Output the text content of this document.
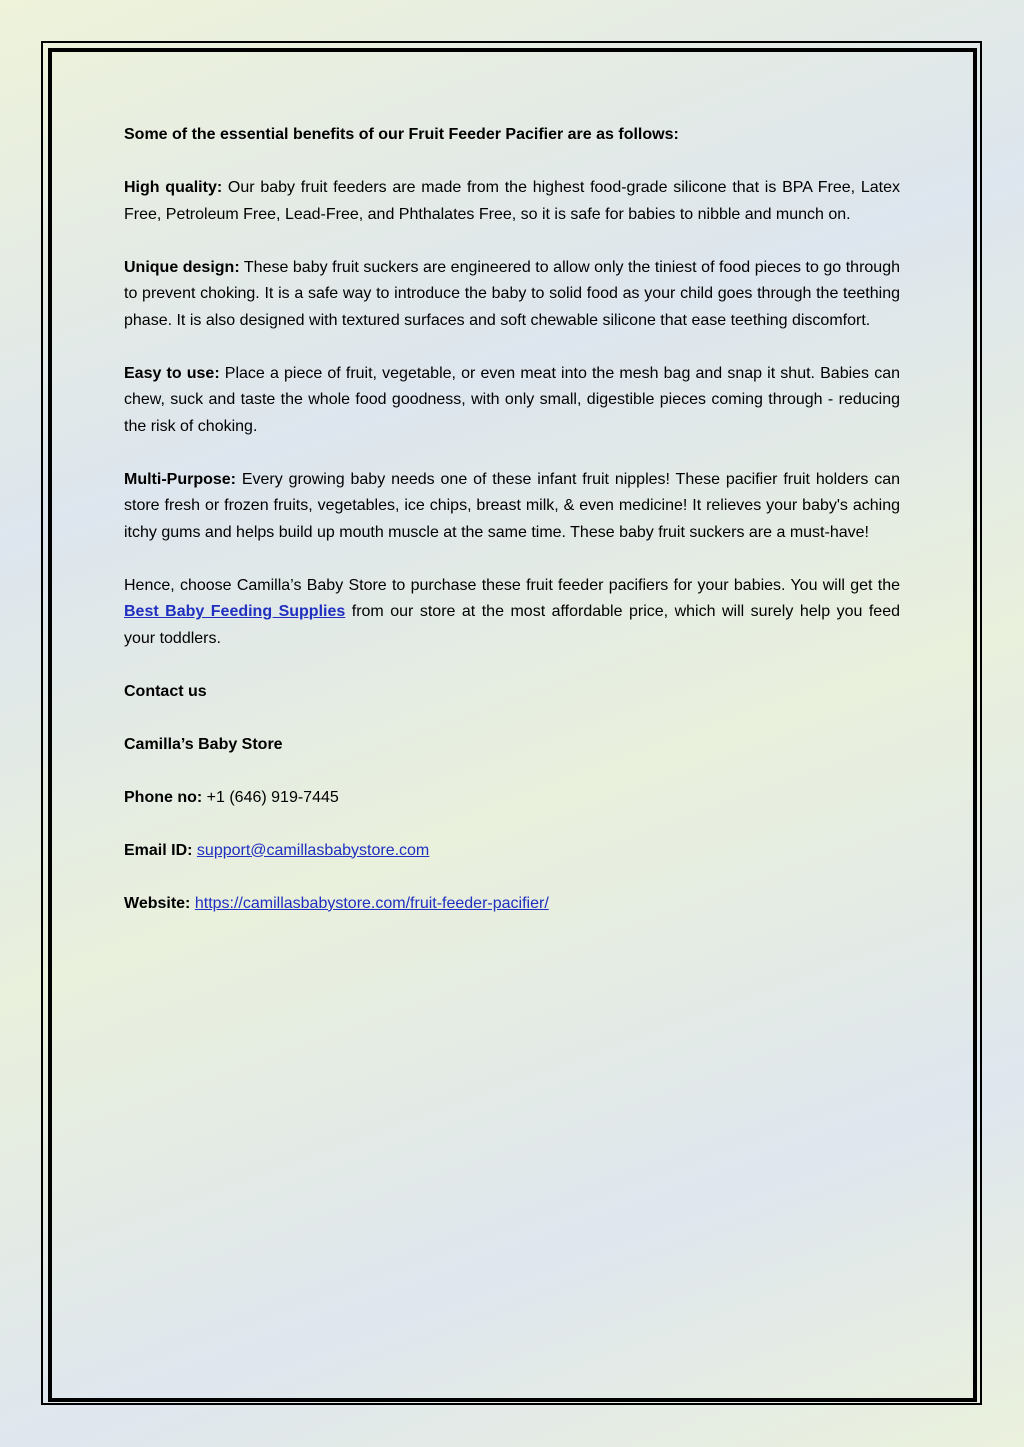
Some of the essential benefits of our Fruit Feeder Pacifier are as follows:

High quality: Our baby fruit feeders are made from the highest food-grade silicone that is BPA Free, Latex Free, Petroleum Free, Lead-Free, and Phthalates Free, so it is safe for babies to nibble and munch on.

Unique design: These baby fruit suckers are engineered to allow only the tiniest of food pieces to go through to prevent choking. It is a safe way to introduce the baby to solid food as your child goes through the teething phase. It is also designed with textured surfaces and soft chewable silicone that ease teething discomfort.

Easy to use: Place a piece of fruit, vegetable, or even meat into the mesh bag and snap it shut. Babies can chew, suck and taste the whole food goodness, with only small, digestible pieces coming through - reducing the risk of choking.

Multi-Purpose: Every growing baby needs one of these infant fruit nipples! These pacifier fruit holders can store fresh or frozen fruits, vegetables, ice chips, breast milk, & even medicine! It relieves your baby's aching itchy gums and helps build up mouth muscle at the same time. These baby fruit suckers are a must-have!

Hence, choose Camilla’s Baby Store to purchase these fruit feeder pacifiers for your babies. You will get the Best Baby Feeding Supplies from our store at the most affordable price, which will surely help you feed your toddlers.

Contact us

Camilla’s Baby Store

Phone no: +1 (646) 919-7445

Email ID: support@camillasbabystore.com

Website: https://camillasbabystore.com/fruit-feeder-pacifier/
